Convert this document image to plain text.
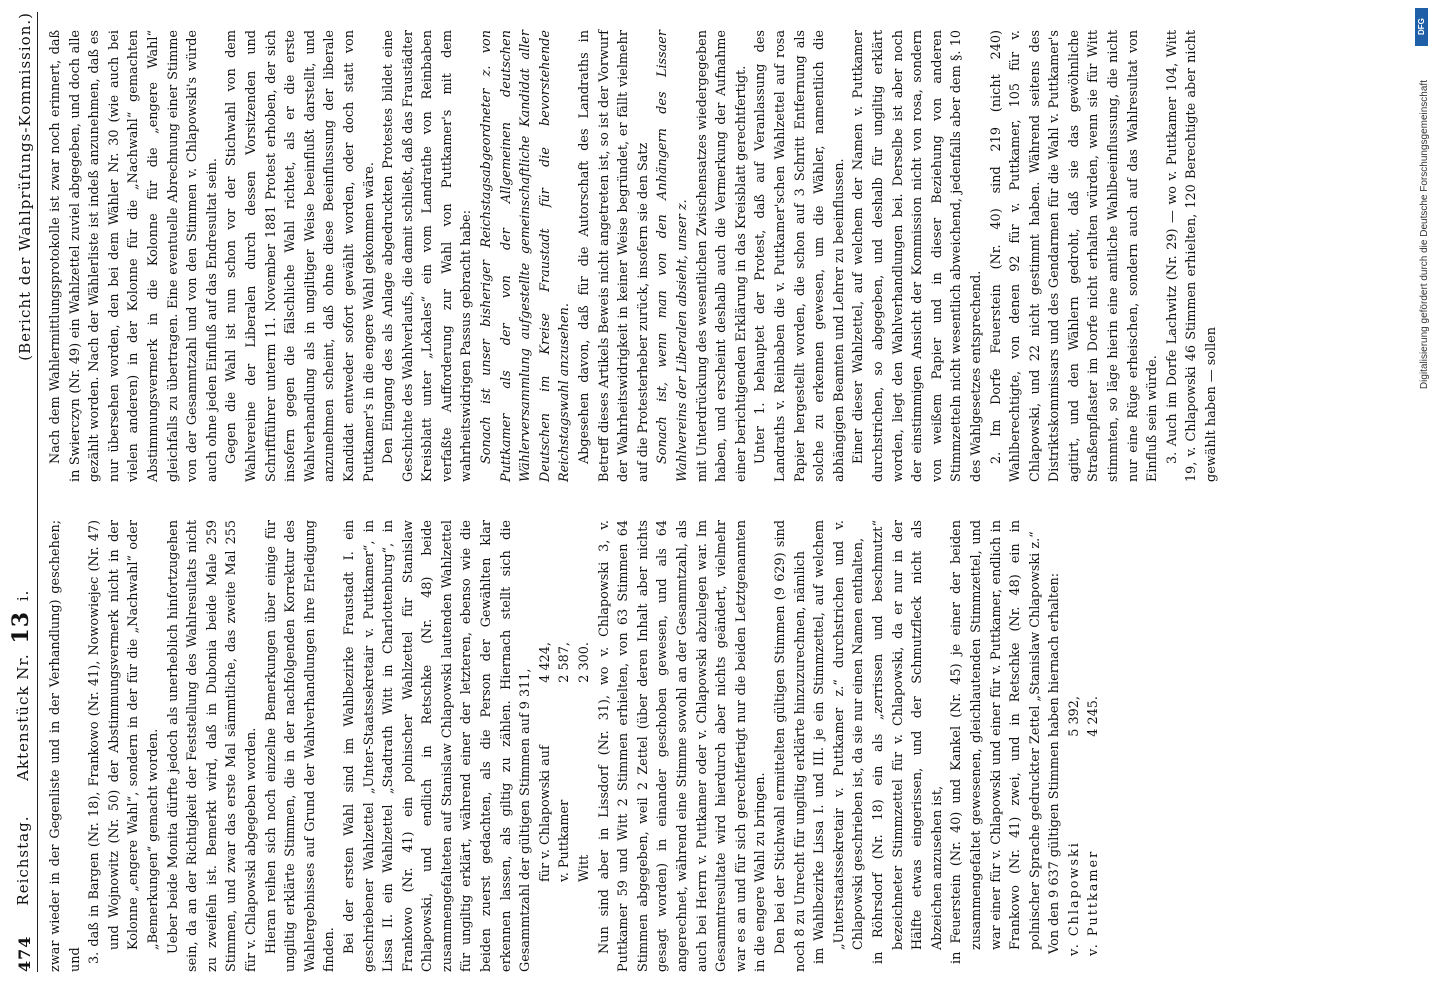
474
Reichstag.      Aktenstück Nr. 13 i.
(Bericht der Wahlprüfungs-Kommission.)

zwar wieder in der Gegenliste und in der Verhandlung) geschehen; und 3. daß in Bargen (Nr. 18), Frankowo (Nr. 41), Nowowiejec (Nr. 47) und Wojnowitz (Nr. 50) der Abstimmungsvermerk nicht in der Kolonne „engere Wahl“, sondern in der für die „Nachwahl“ oder „Bemerkungen“ gemacht worden. Ueber beide Monita dürfte jedoch als unerheblich hinfortzugehen sein, da an der Richtigkeit der Feststellung des Wahlresultats nicht zu zweifeln ist. Bemerkt wird, daß in Dubonia beide Male 259 Stimmen, und zwar das erste Mal sämmtliche, das zweite Mal 255 für v. Chlapowski abgegeben worden. Hieran reihen sich noch einzelne Bemerkungen über einige für ungiltig erklärte Stimmen, die in der nachfolgenden Korrektur des Wahlergebnisses auf Grund der Wahlverhandlungen ihre Erledigung finden. Bei der ersten Wahl sind im Wahlbezirke Fraustadt I. ein geschriebener Wahlzettel „Unter-Staatssekretair v. Puttkamer“, in Lissa II. ein Wahlzettel „Stadtrath Witt in Charlottenburg“, in Frankowo (Nr. 41) ein polnischer Wahlzettel für Stanislaw Chlapowski, und endlich in Retschke (Nr. 48) beide zusammengefalteten auf Stanislaw Chlapowski lautenden Wahlzettel für ungiltig erklärt, während einer der letzteren, ebenso wie die beiden zuerst gedachten, als die Person der Gewählten klar erkennen lassen, als giltig zu zählen. Hiernach stellt sich die Gesammtzahl der gültigen Stimmen auf 9 311, für v. Chlapowski auf
4 424,
v. Puttkamer
2 587,
Witt
2 300. Nun sind aber in Lissdorf (Nr. 31), wo v. Chlapowski 3, v. Puttkamer 59 und Witt 2 Stimmen erhielten, von 63 Stimmen 64 Stimmen abgegeben, weil 2 Zettel (über deren Inhalt aber nichts gesagt worden) in einander geschoben gewesen, und als 64 angerechnet, während eine Stimme sowohl an der Gesammtzahl, als auch bei Herrn v. Puttkamer oder v. Chlapowski abzulegen war. Im Gesammtresultate wird hierdurch aber nichts geändert, vielmehr war es an und für sich gerechtfertigt nur die beiden Letztgenannten in die engere Wahl zu bringen. Den bei der Stichwahl ermittelten gültigen Stimmen (9 629) sind noch 8 zu Unrecht für ungiltig erklärte hinzuzurechnen, nämlich im Wahlbezirke Lissa I. und III. je ein Stimmzettel, auf welchem „Unterstaatssekretair v. Puttkamer z.“ durchstrichen und v. Chlapowski geschrieben ist, da sie nur einen Namen enthalten, in Röhrsdorf (Nr. 18) ein als „zerrissen und beschmutzt“ bezeichneter Stimmzettel für v. Chlapowski, da er nur in der Hälfte etwas eingerissen, und der Schmutzfleck nicht als Abzeichen anzusehen ist, in Feuerstein (Nr. 40) und Kankel (Nr. 45) je einer der beiden zusammengefaltet gewesenen, gleichlautenden Stimmzettel, und war einer für v. Chlapowski und einer für v. Puttkamer, endlich in Frankowo (Nr. 41) zwei, und in Retschke (Nr. 48) ein in polnischer Sprache gedruckter Zettel „Stanislaw Chlapowski z.“ Von den 9 637 gültigen Stimmen haben hiernach erhalten: v. Chlapowski
5 392,
v. Puttkamer
4 245.

Nach dem Wahlermittlungsprotokolle ist zwar noch erinnert, daß in Swierczyn (Nr. 49) ein Wahlzettel zuviel abgegeben, und doch alle gezählt worden. Nach der Wählerliste ist indeß anzunehmen, daß es nur übersehen worden, den bei dem Wähler Nr. 30 (wie auch bei vielen anderen) in der Kolonne für die „Nachwahl“ gemachten Abstimmungsvermerk in die Kolonne für die „engere Wahl“ gleichfalls zu übertragen. Eine eventuelle Abrechnung einer Stimme von der Gesammtzahl und von den Stimmen v. Chlapowski's würde auch ohne jeden Einfluß auf das Endresultat sein. Gegen die Wahl ist nun schon vor der Stichwahl von dem Wahlvereine der Liberalen durch dessen Vorsitzenden und Schriftführer unterm 11. November 1881 Protest erhoben, der sich insofern gegen die fälschliche Wahl richtet, als er die erste Wahlverhandlung als in ungiltiger Weise beeinflußt darstellt, und anzunehmen scheint, daß ohne diese Beeinflussung der liberale Kandidat entweder sofort gewählt worden, oder doch statt von Puttkamer's in die engere Wahl gekommen wäre. Den Eingang des als Anlage abgedruckten Protestes bildet eine Geschichte des Wahlverlaufs, die damit schließt, daß das Fraustädter Kreisblatt unter „Lokales“ ein vom Landrathe von Reinbaben verfaßte Aufforderung zur Wahl von Puttkamer's mit dem wahrheitswidrigen Passus gebracht habe: Sonach ist unser bisheriger Reichstagsabgeordneter z. von Puttkamer als der von der Allgemeinen deutschen Wählerversammlung aufgestellte gemeinschaftliche Kandidat aller Deutschen im Kreise Fraustadt für die bevorstehende Reichstagswahl anzusehen. Abgesehen davon, daß für die Autorschaft des Landraths in Betreff dieses Artikels Beweis nicht angetreten ist, so ist der Vorwurf der Wahrheitswidrigkeit in keiner Weise begründet, er fällt vielmehr auf die Protesterheber zurück, insofern sie den Satz Sonach ist, wenn man von den Anhängern des Lissaer Wahlvereins der Liberalen absieht, unser z. mit Unterdrückung des wesentlichen Zwischensatzes wiedergegeben haben, und erscheint deshalb auch die Vermerkung der Aufnahme einer berichtigenden Erklärung in das Kreisblatt gerechtfertigt. Unter 1. behauptet der Protest, daß auf Veranlassung des Landraths v. Reinbaben die v. Puttkamer'schen Wahlzettel auf rosa Papier hergestellt worden, die schon auf 3 Schritt Entfernung als solche zu erkennen gewesen, um die Wähler, namentlich die abhängigen Beamten und Lehrer zu beeinflussen. Einer dieser Wahlzettel, auf welchem der Namen v. Puttkamer durchstrichen, so abgegeben, und deshalb für ungiltig erklärt worden, liegt den Wahlverhandlungen bei. Derselbe ist aber noch der einstimmigen Ansicht der Kommission nicht von rosa, sondern von weißem Papier und in dieser Beziehung von anderen Stimmzetteln nicht wesentlich abweichend, jedenfalls aber dem §. 10 des Wahlgesetzes entsprechend. 2. Im Dorfe Feuerstein (Nr. 40) sind 219 (nicht 240) Wahlberechtigte, von denen 92 für v. Puttkamer, 105 für v. Chlapowski, und 22 nicht gestimmt haben. Während seitens des Distriktskommissars und des Gendarmen für die Wahl v. Puttkamer's agitirt, und den Wählern gedroht, daß sie das gewöhnliche Straßenpflaster im Dorfe nicht erhalten würden, wenn sie für Witt stimmten, so läge hierin eine amtliche Wahlbeeinflussung, die nicht nur eine Rüge erheischen, sondern auch auf das Wahlresultat von Einfluß sein würde. 3. Auch im Dorfe Lachwitz (Nr. 29) — wo v. Puttkamer 104, Witt 19, v. Chlapowski 46 Stimmen erhielten, 120 Berechtigte aber nicht gewählt haben — sollen

Digitalisierung gefördert durch die Deutsche Forschungsgemeinschaft
DFG
